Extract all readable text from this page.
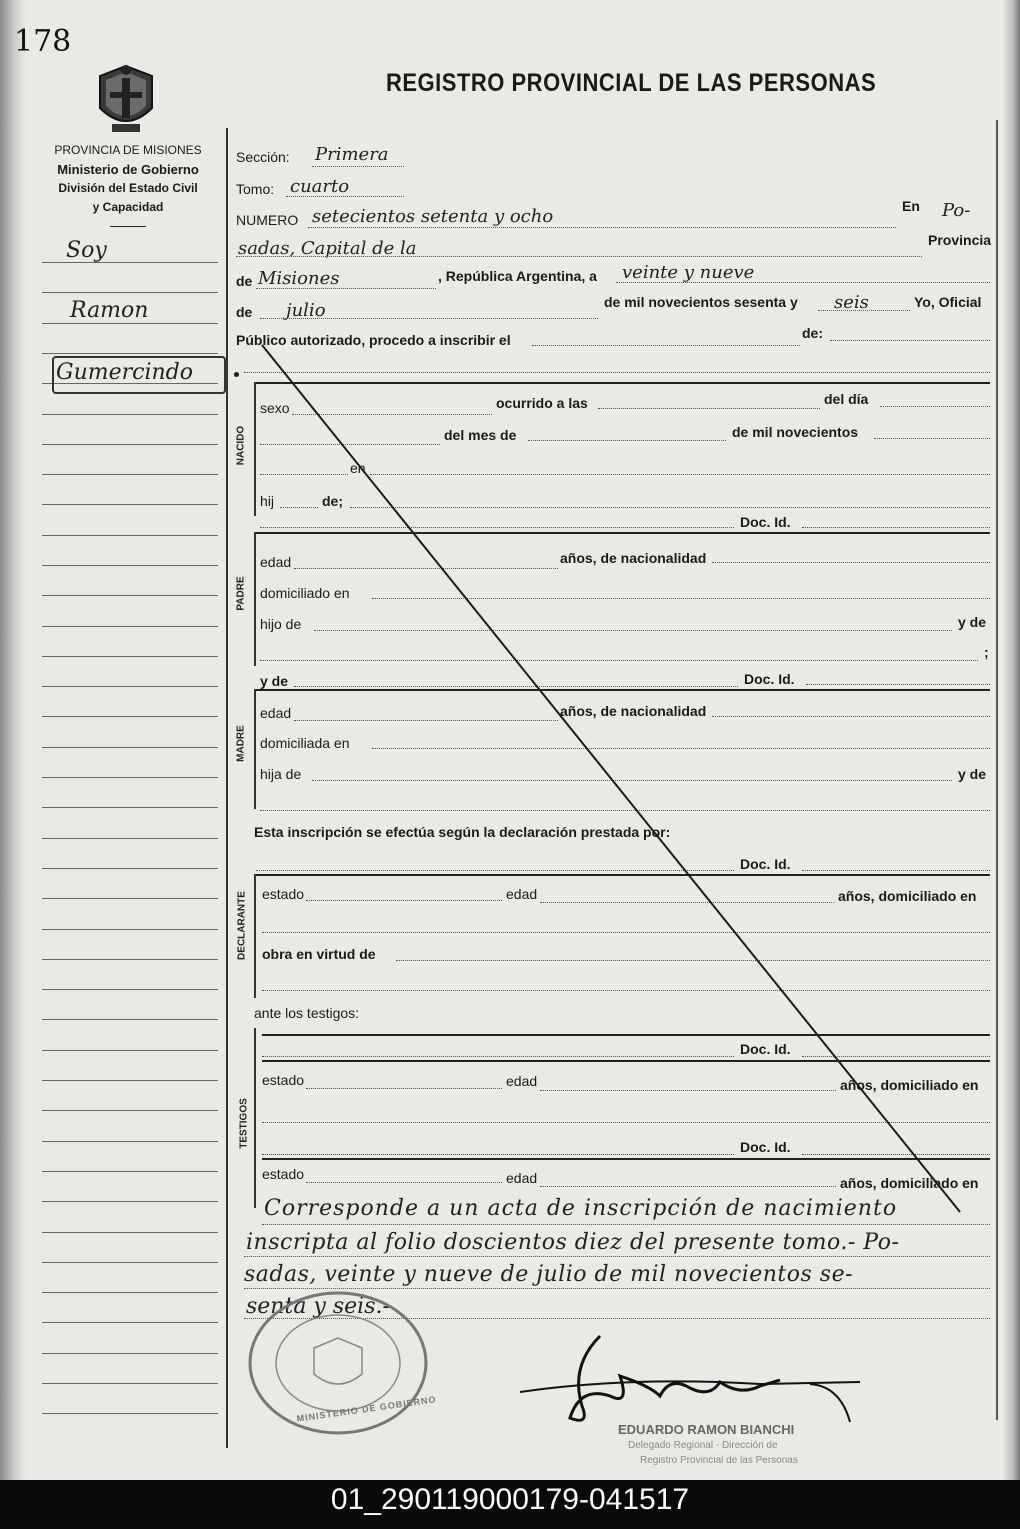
178
PROVINCIA DE MISIONES
Ministerio de Gobierno
División del Estado Civil
y Capacidad
REGISTRO PROVINCIAL DE LAS PERSONAS
Soy
Ramon
Gumercindo
Sección: Primera
Tomo: cuarto
NUMERO setecientos setenta y ocho	En Po-
sadas, Capital de la	Provincia
de Misiones	, República Argentina, a veinte y nueve
de julio	de mil novecientos sesenta y seis	Yo, Oficial
Público autorizado, procedo a inscribir el	de:
NACIDO
sexo	ocurrido a las	del día
del mes de	de mil novecientos
en
hij	de;
Doc. Id.
PADRE
edad	años, de nacionalidad
domiciliado en
hijo de	y de
;
y de	Doc. Id.
MADRE
edad	años, de nacionalidad
domiciliada en
hija de	y de
Esta inscripción se efectúa según la declaración prestada por:
Doc. Id.
DECLARANTE estado	edad	años, domiciliado en
obra en virtud de
ante los testigos:
TESTIGOS
Doc. Id.
estado	edad	años, domiciliado en
Doc. Id.
estado	edad	años, domiciliado en
Corresponde a un acta de inscripción de nacimiento
inscripta al folio doscientos diez del presente tomo.- Po-
sadas, veinte y nueve de julio de mil novecientos se-
senta y seis.-
MINISTERIO DE GOBIERNO
EDUARDO RAMON BIANCHI
Delegado Regional - Dirección de
Registro Provincial de las Personas
01_290119000179-041517
